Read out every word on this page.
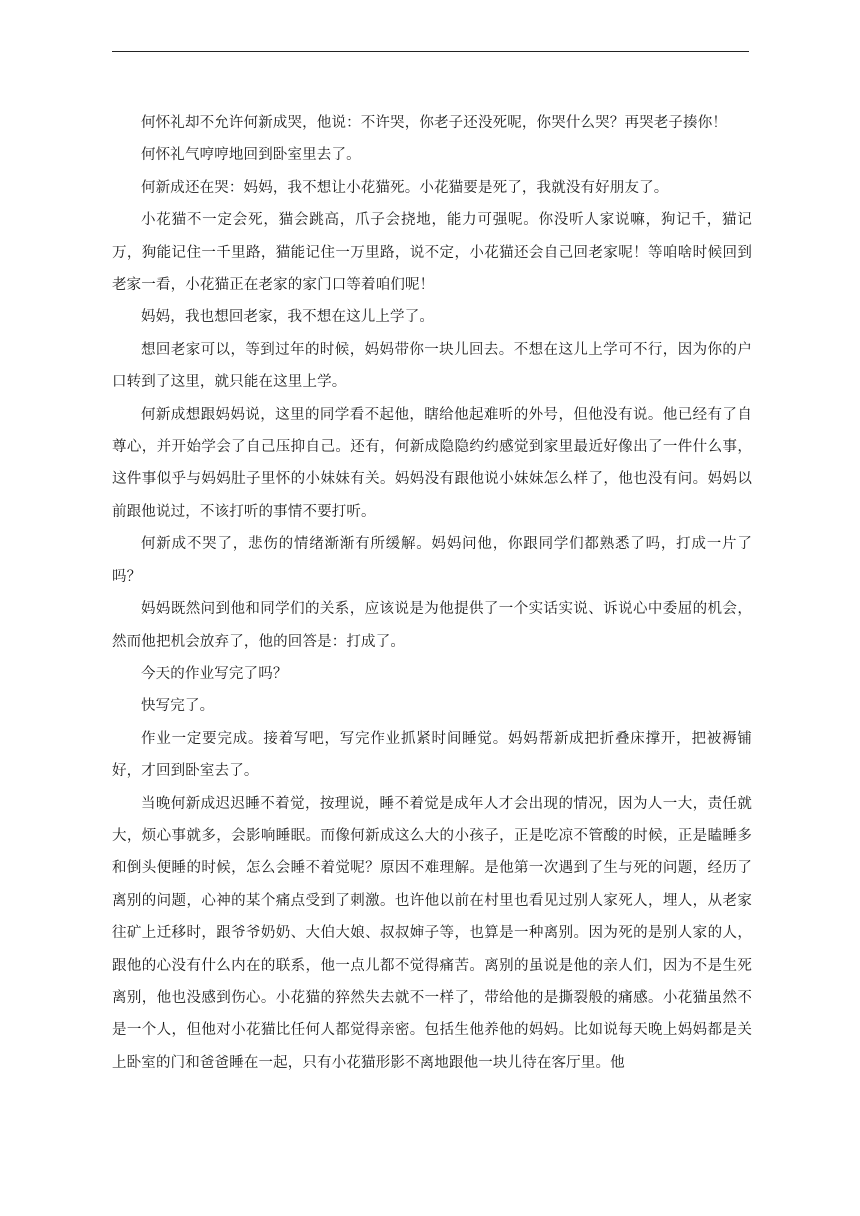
何怀礼却不允许何新成哭，他说：不许哭，你老子还没死呢，你哭什么哭？再哭老子揍你！

何怀礼气哼哼地回到卧室里去了。

何新成还在哭：妈妈，我不想让小花猫死。小花猫要是死了，我就没有好朋友了。

小花猫不一定会死，猫会跳高，爪子会挠地，能力可强呢。你没听人家说嘛，狗记千，猫记万，狗能记住一千里路，猫能记住一万里路，说不定，小花猫还会自己回老家呢！等咱啥时候回到老家一看，小花猫正在老家的家门口等着咱们呢！

妈妈，我也想回老家，我不想在这儿上学了。

想回老家可以，等到过年的时候，妈妈带你一块儿回去。不想在这儿上学可不行，因为你的户口转到了这里，就只能在这里上学。

何新成想跟妈妈说，这里的同学看不起他，瞎给他起难听的外号，但他没有说。他已经有了自尊心，并开始学会了自己压抑自己。还有，何新成隐隐约约感觉到家里最近好像出了一件什么事，这件事似乎与妈妈肚子里怀的小妹妹有关。妈妈没有跟他说小妹妹怎么样了，他也没有问。妈妈以前跟他说过，不该打听的事情不要打听。

何新成不哭了，悲伤的情绪渐渐有所缓解。妈妈问他，你跟同学们都熟悉了吗，打成一片了吗？

妈妈既然问到他和同学们的关系，应该说是为他提供了一个实话实说、诉说心中委屈的机会，然而他把机会放弃了，他的回答是：打成了。

今天的作业写完了吗？

快写完了。

作业一定要完成。接着写吧，写完作业抓紧时间睡觉。妈妈帮新成把折叠床撑开，把被褥铺好，才回到卧室去了。

当晚何新成迟迟睡不着觉，按理说，睡不着觉是成年人才会出现的情况，因为人一大，责任就大，烦心事就多，会影响睡眠。而像何新成这么大的小孩子，正是吃凉不管酸的时候，正是瞌睡多和倒头便睡的时候，怎么会睡不着觉呢？原因不难理解。是他第一次遇到了生与死的问题，经历了离别的问题，心神的某个痛点受到了刺激。也许他以前在村里也看见过别人家死人，埋人，从老家往矿上迁移时，跟爷爷奶奶、大伯大娘、叔叔婶子等，也算是一种离别。因为死的是别人家的人，跟他的心没有什么内在的联系，他一点儿都不觉得痛苦。离别的虽说是他的亲人们，因为不是生死离别，他也没感到伤心。小花猫的猝然失去就不一样了，带给他的是撕裂般的痛感。小花猫虽然不是一个人，但他对小花猫比任何人都觉得亲密。包括生他养他的妈妈。比如说每天晚上妈妈都是关上卧室的门和爸爸睡在一起，只有小花猫形影不离地跟他一块儿待在客厅里。他
